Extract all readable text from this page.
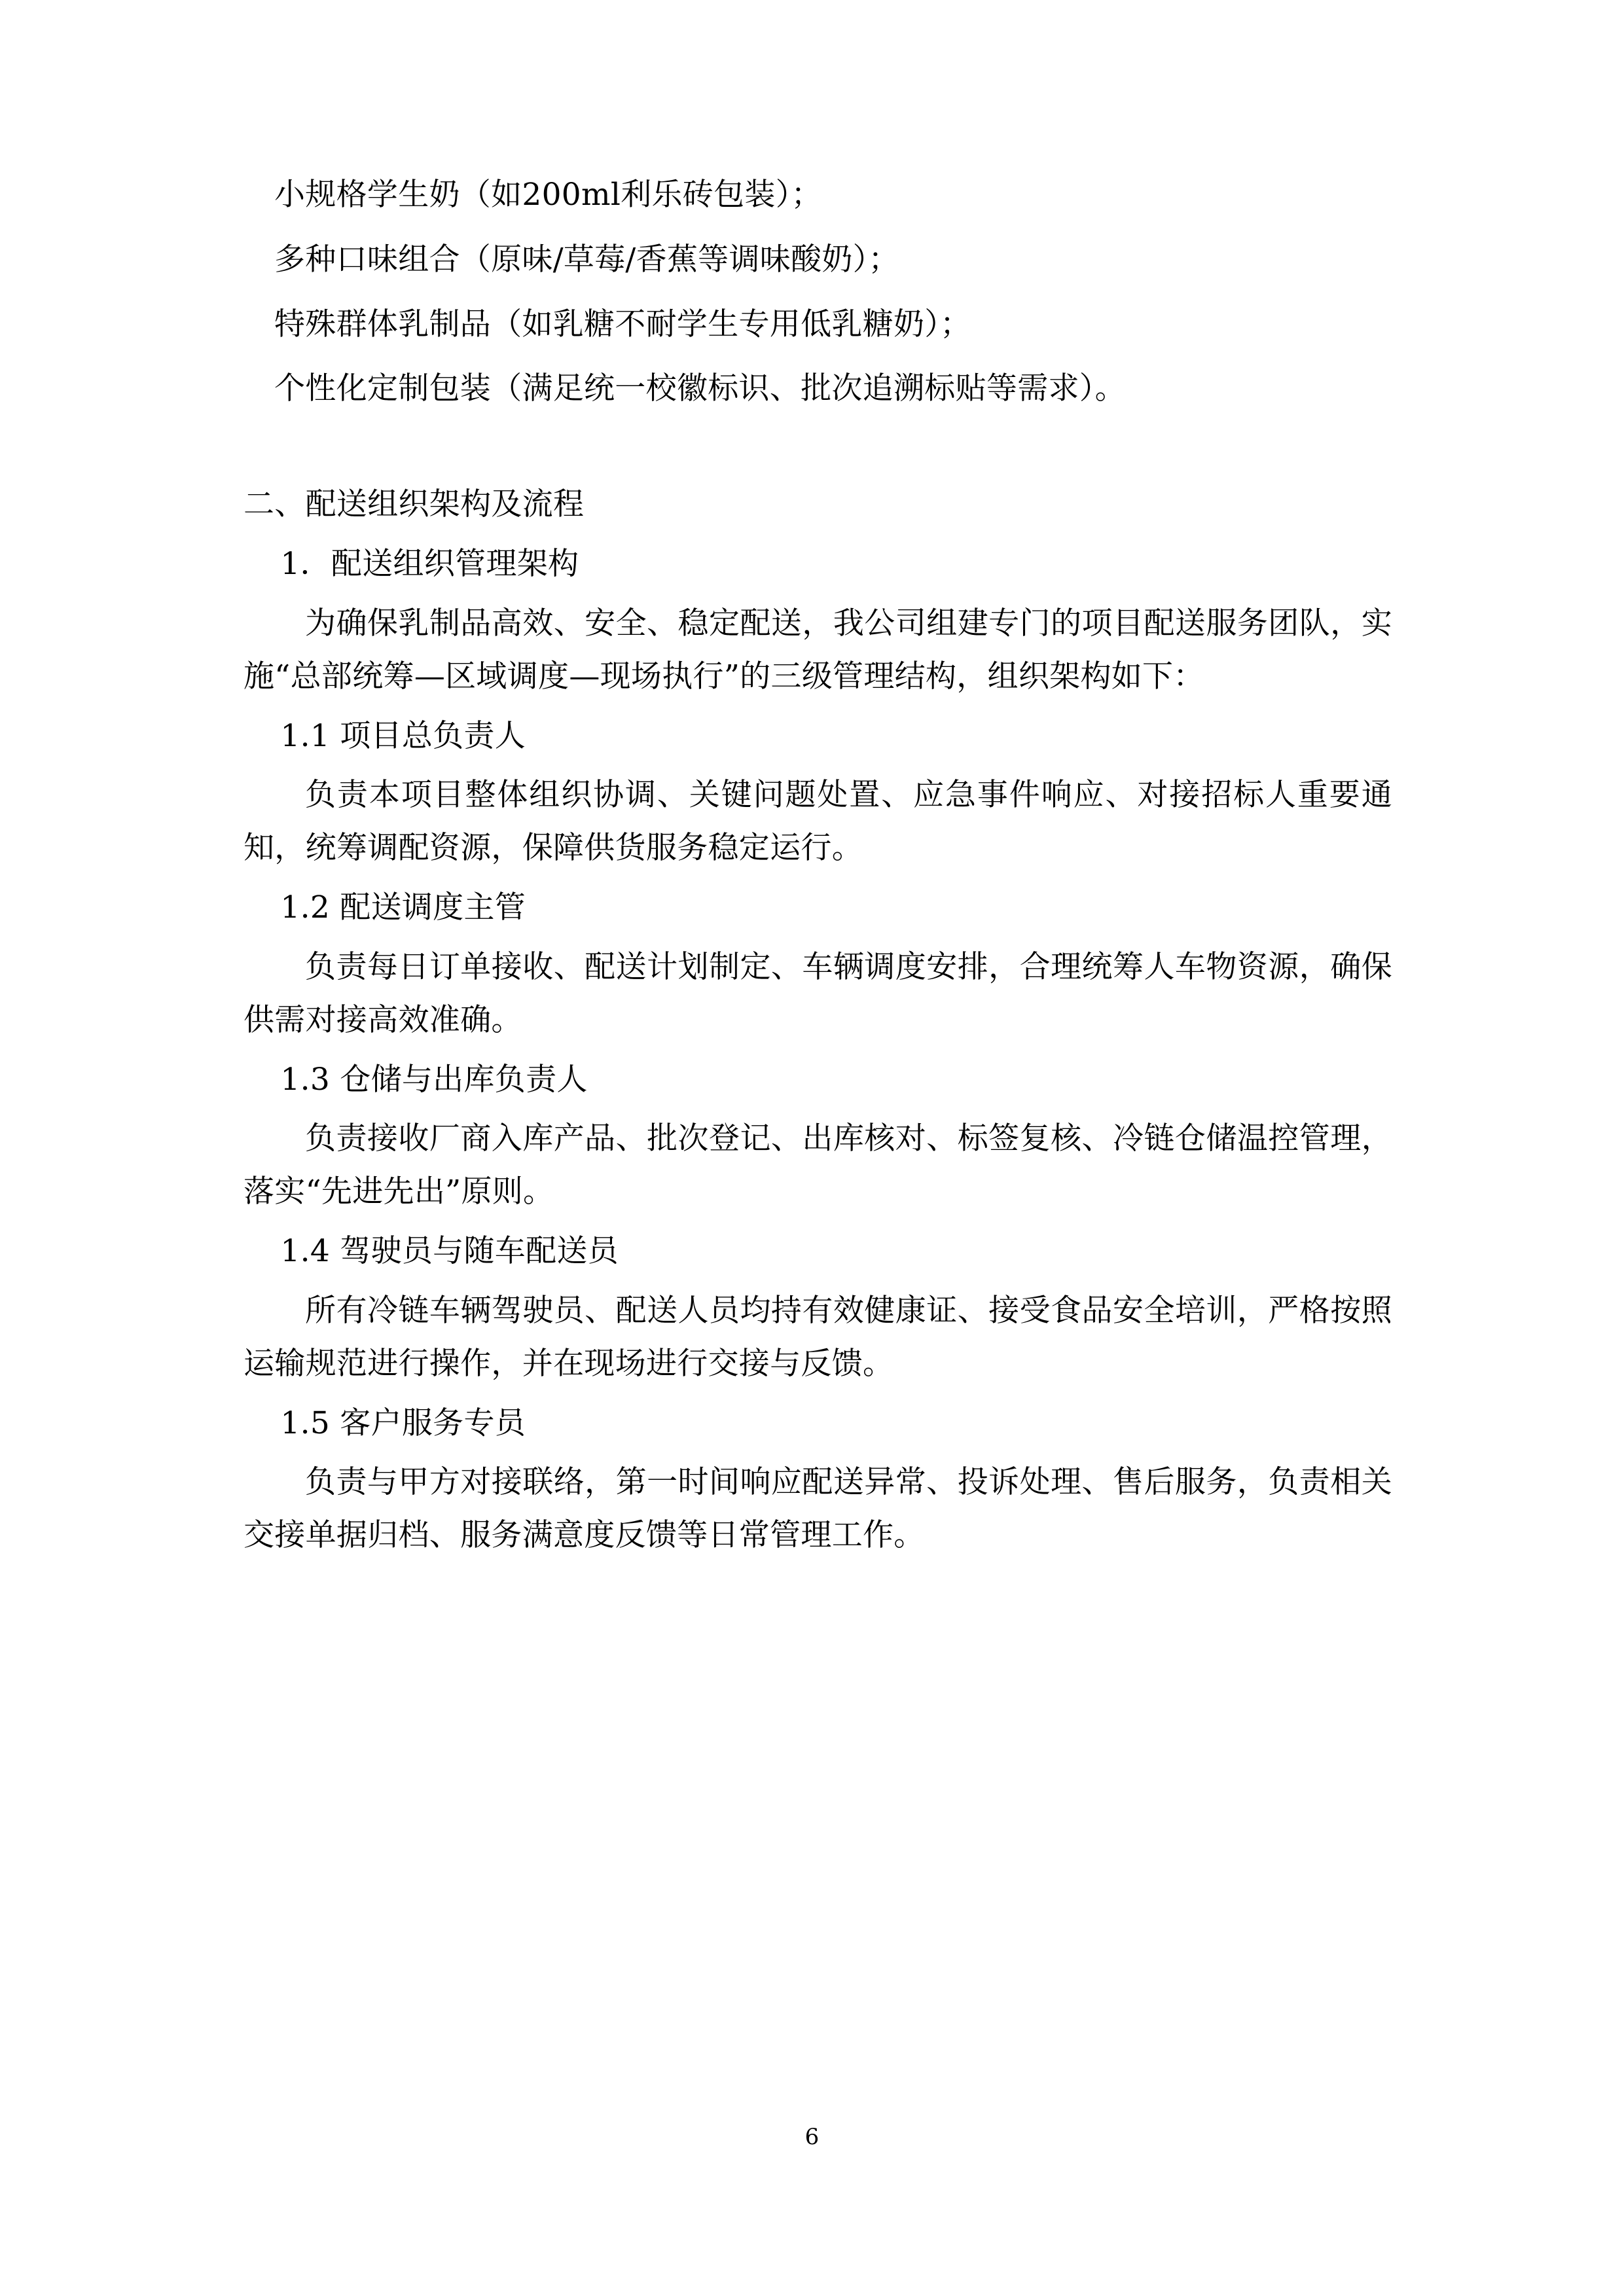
小规格学生奶（如200ml利乐砖包装）；

多种口味组合（原味/草莓/香蕉等调味酸奶）；

特殊群体乳制品（如乳糖不耐学生专用低乳糖奶）；

个性化定制包装（满足统一校徽标识、批次追溯标贴等需求）。

二、配送组织架构及流程

1．配送组织管理架构

为确保乳制品高效、安全、稳定配送，我公司组建专门的项目配送服务团队，实施“总部统筹—区域调度—现场执行”的三级管理结构，组织架构如下：

1.1 项目总负责人

负责本项目整体组织协调、关键问题处置、应急事件响应、对接招标人重要通知，统筹调配资源，保障供货服务稳定运行。

1.2 配送调度主管

负责每日订单接收、配送计划制定、车辆调度安排，合理统筹人车物资源，确保供需对接高效准确。

1.3 仓储与出库负责人

负责接收厂商入库产品、批次登记、出库核对、标签复核、冷链仓储温控管理，落实“先进先出”原则。

1.4 驾驶员与随车配送员

所有冷链车辆驾驶员、配送人员均持有效健康证、接受食品安全培训，严格按照运输规范进行操作，并在现场进行交接与反馈。

1.5 客户服务专员

负责与甲方对接联络，第一时间响应配送异常、投诉处理、售后服务，负责相关交接单据归档、服务满意度反馈等日常管理工作。

6
